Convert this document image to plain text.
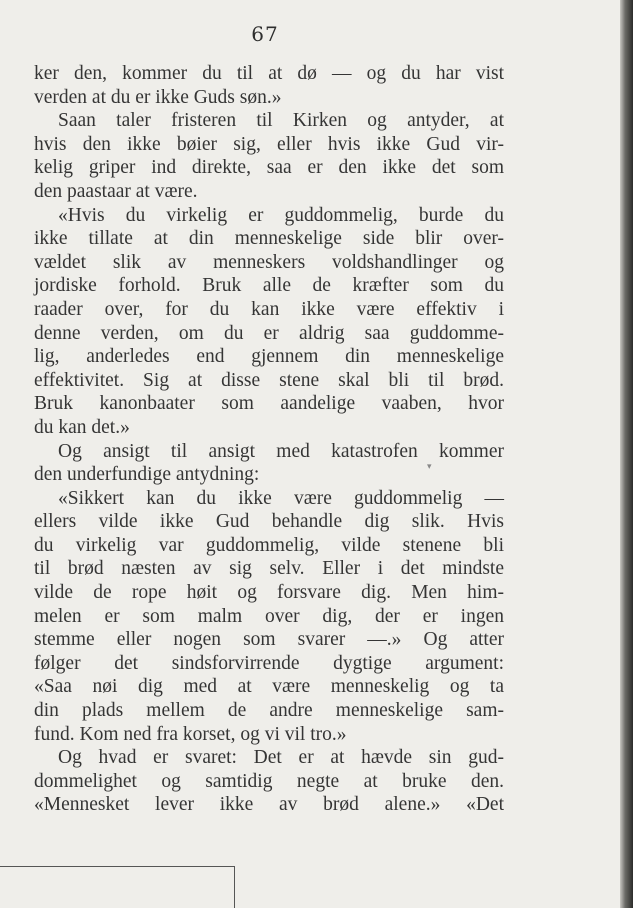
67
ker den, kommer du til at dø — og du har vist
verden at du er ikke Guds søn.»
Saan taler fristeren til Kirken og antyder, at
hvis den ikke bøier sig, eller hvis ikke Gud vir-
kelig griper ind direkte, saa er den ikke det som
den paastaar at være.
«Hvis du virkelig er guddommelig, burde du
ikke tillate at din menneskelige side blir over-
vældet slik av menneskers voldshandlinger og
jordiske forhold. Bruk alle de kræfter som du
raader over, for du kan ikke være effektiv i
denne verden, om du er aldrig saa guddomme-
lig, anderledes end gjennem din menneskelige
effektivitet. Sig at disse stene skal bli til brød.
Bruk kanonbaater som aandelige vaaben, hvor
du kan det.»
Og ansigt til ansigt med katastrofen kommer
den underfundige antydning:
«Sikkert kan du ikke være guddommelig —
ellers vilde ikke Gud behandle dig slik. Hvis
du virkelig var guddommelig, vilde stenene bli
til brød næsten av sig selv. Eller i det mindste
vilde de rope høit og forsvare dig. Men him-
melen er som malm over dig, der er ingen
stemme eller nogen som svarer —.» Og atter
følger det sindsforvirrende dygtige argument:
«Saa nøi dig med at være menneskelig og ta
din plads mellem de andre menneskelige sam-
fund. Kom ned fra korset, og vi vil tro.»
Og hvad er svaret: Det er at hævde sin gud-
dommelighet og samtidig negte at bruke den.
«Mennesket lever ikke av brød alene.» «Det
▾
